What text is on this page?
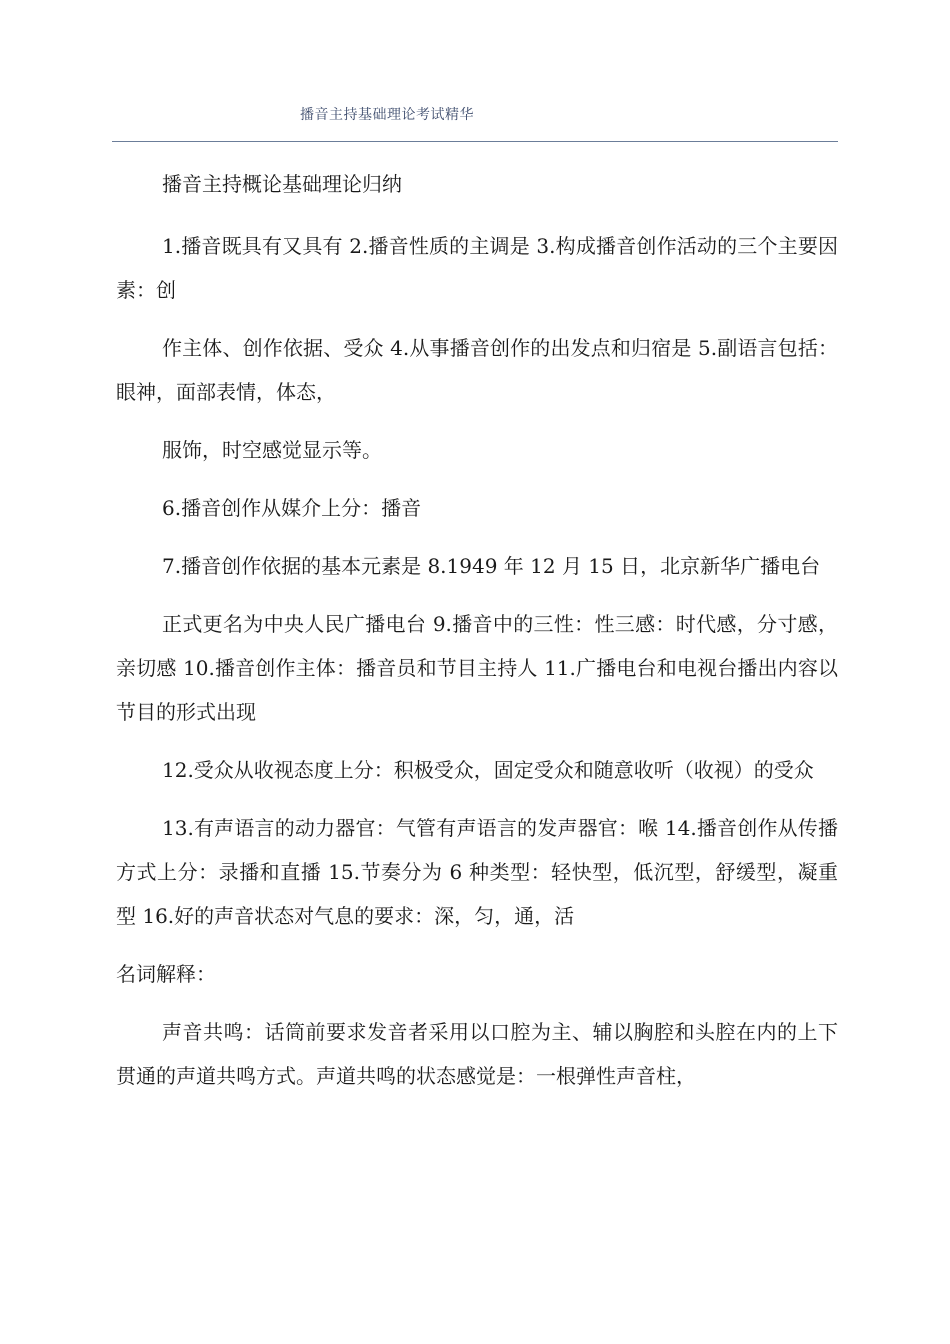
播音主持基础理论考试精华

播音主持概论基础理论归纳

1.播音既具有又具有 2.播音性质的主调是 3.构成播音创作活动的三个主要因素：创

作主体、创作依据、受众 4.从事播音创作的出发点和归宿是 5.副语言包括：眼神，面部表情，体态，

服饰，时空感觉显示等。

6.播音创作从媒介上分：播音

7.播音创作依据的基本元素是 8.1949 年 12 月 15 日，北京新华广播电台

正式更名为中央人民广播电台 9.播音中的三性：性三感：时代感，分寸感，亲切感 10.播音创作主体：播音员和节目主持人 11.广播电台和电视台播出内容以节目的形式出现

12.受众从收视态度上分：积极受众，固定受众和随意收听（收视）的受众

13.有声语言的动力器官：气管有声语言的发声器官：喉 14.播音创作从传播方式上分：录播和直播 15.节奏分为 6 种类型：轻快型，低沉型，舒缓型，凝重型 16.好的声音状态对气息的要求：深，匀，通，活

名词解释：

声音共鸣：话筒前要求发音者采用以口腔为主、辅以胸腔和头腔在内的上下贯通的声道共鸣方式。声道共鸣的状态感觉是：一根弹性声音柱，
